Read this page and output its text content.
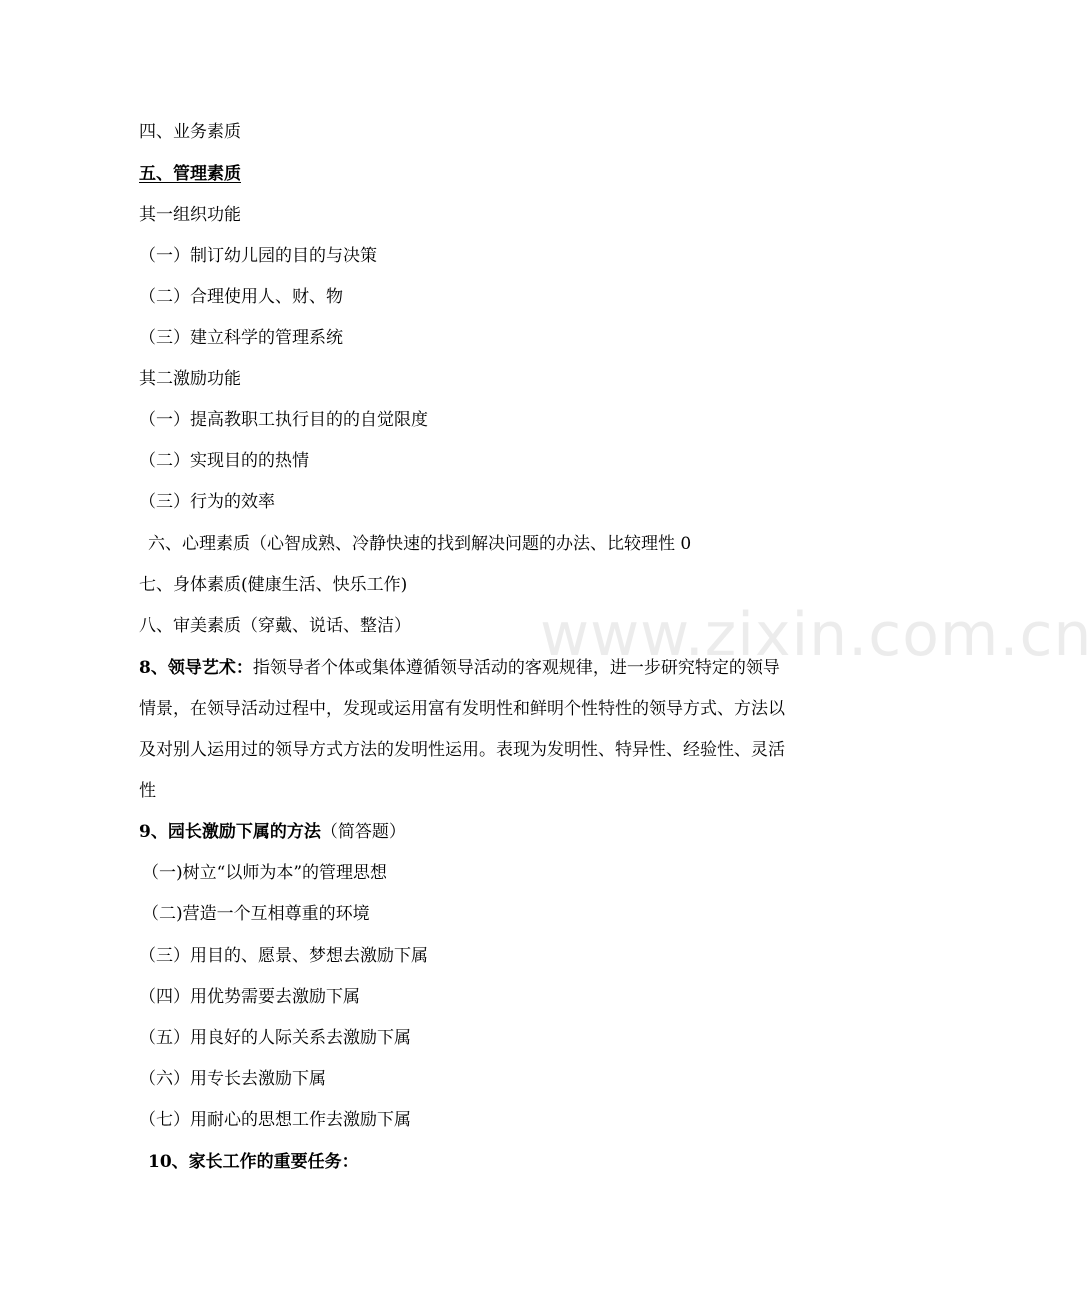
四、业务素质
五、管理素质
其一组织功能
（一）制订幼儿园的目的与决策
（二）合理使用人、财、物
（三）建立科学的管理系统
其二激励功能
（一）提高教职工执行目的的自觉限度
（二）实现目的的热情
（三）行为的效率
六、心理素质（心智成熟、冷静快速的找到解决问题的办法、比较理性 0
七、身体素质(健康生活、快乐工作)
八、审美素质（穿戴、说话、整洁）
8、领导艺术：指领导者个体或集体遵循领导活动的客观规律，进一步研究特定的领导情景，在领导活动过程中，发现或运用富有发明性和鲜明个性特性的领导方式、方法以及对别人运用过的领导方式方法的发明性运用。表现为发明性、特异性、经验性、灵活性
9、园长激励下属的方法（简答题）
（一)树立“以师为本”的管理思想
（二)营造一个互相尊重的环境
（三）用目的、愿景、梦想去激励下属
（四）用优势需要去激励下属
（五）用良好的人际关系去激励下属
（六）用专长去激励下属
（七）用耐心的思想工作去激励下属
10、家长工作的重要任务：
www.zixin.com.cn
